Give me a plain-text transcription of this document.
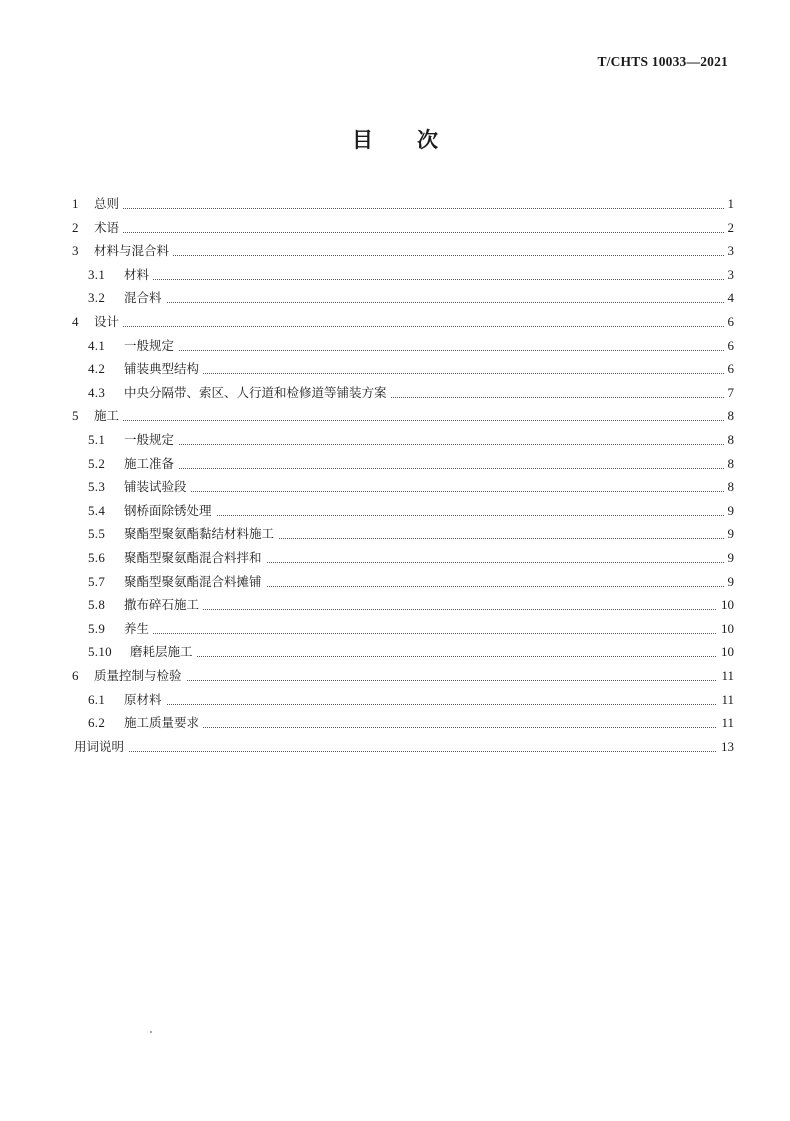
T/CHTS 10033—2021
目 次
1 总则	1
2 术语	2
3 材料与混合料	3
3.1 材料	3
3.2 混合料	4
4 设计	6
4.1 一般规定	6
4.2 铺装典型结构	6
4.3 中央分隔带、索区、人行道和检修道等铺装方案	7
5 施工	8
5.1 一般规定	8
5.2 施工准备	8
5.3 铺装试验段	8
5.4 钢桥面除锈处理	9
5.5 聚酯型聚氨酯黏结材料施工	9
5.6 聚酯型聚氨酯混合料拌和	9
5.7 聚酯型聚氨酯混合料摊铺	9
5.8 撒布碎石施工	10
5.9 养生	10
5.10 磨耗层施工	10
6 质量控制与检验	11
6.1 原材料	11
6.2 施工质量要求	11
用词说明	13
